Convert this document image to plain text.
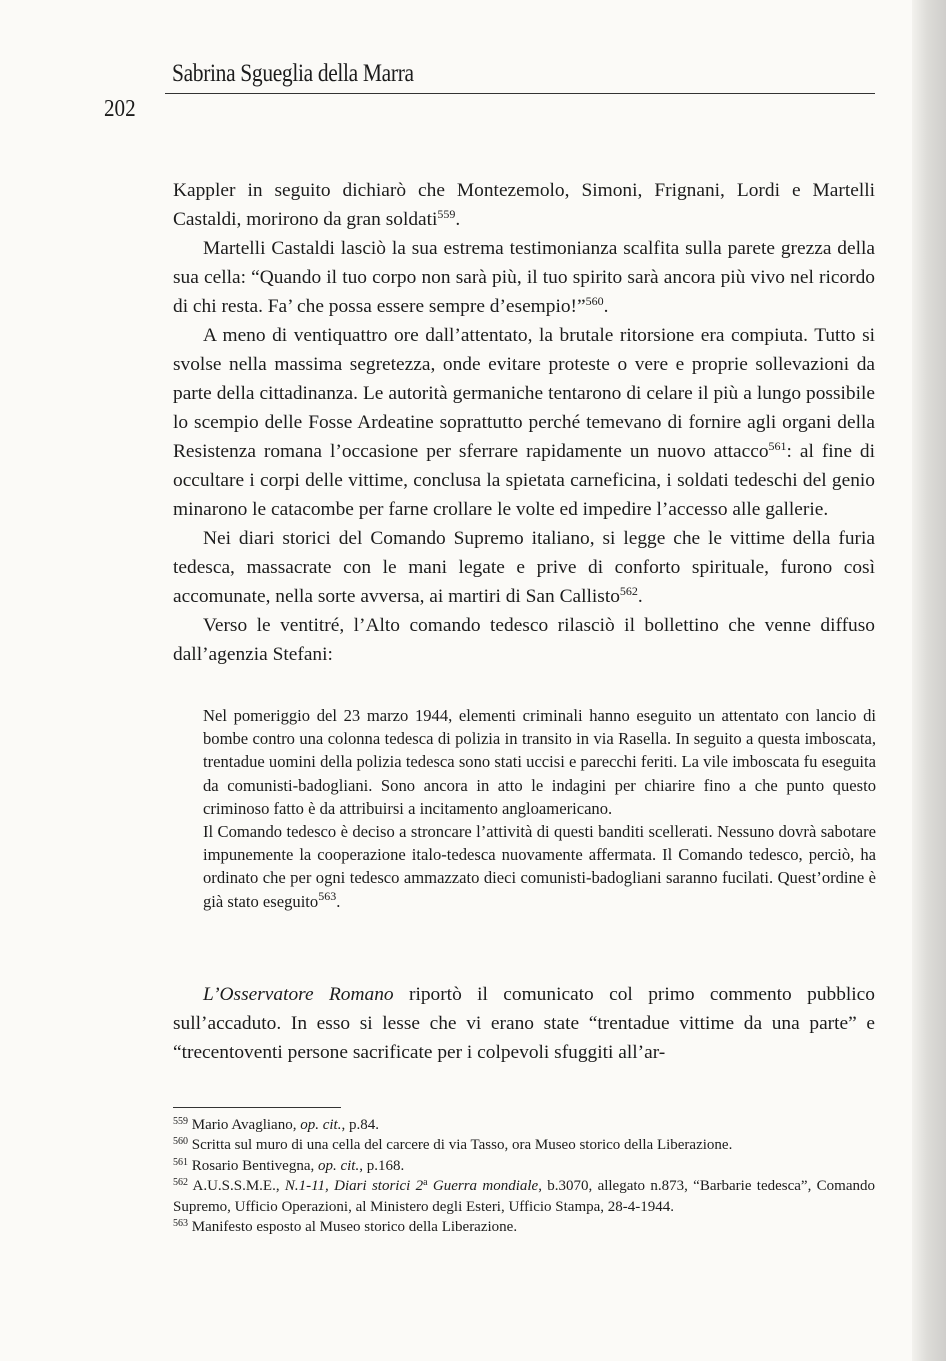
Sabrina Sgueglia della Marra
202

Kappler in seguito dichiarò che Montezemolo, Simoni, Frignani, Lordi e Martelli Castaldi, morirono da gran soldati$^{559}$.

Martelli Castaldi lasciò la sua estrema testimonianza scalfita sulla parete grezza della sua cella: “Quando il tuo corpo non sarà più, il tuo spirito sarà ancora più vivo nel ricordo di chi resta. Fa’ che possa essere sempre d’esempio!”$^{560}$.

A meno di ventiquattro ore dall’attentato, la brutale ritorsione era compiuta. Tutto si svolse nella massima segretezza, onde evitare proteste o vere e proprie sollevazioni da parte della cittadinanza. Le autorità germaniche tentarono di celare il più a lungo possibile lo scempio delle Fosse Ardeatine soprattutto perché temevano di fornire agli organi della Resistenza romana l’occasione per sferrare rapidamente un nuovo attacco$^{561}$: al fine di occultare i corpi delle vittime, conclusa la spietata carneficina, i soldati tedeschi del genio minarono le catacombe per farne crollare le volte ed impedire l’accesso alle gallerie.

Nei diari storici del Comando Supremo italiano, si legge che le vittime della furia tedesca, massacrate con le mani legate e prive di conforto spirituale, furono così accomunate, nella sorte avversa, ai martiri di San Callisto$^{562}$.

Verso le ventitré, l’Alto comando tedesco rilasciò il bollettino che venne diffuso dall’agenzia Stefani:

Nel pomeriggio del 23 marzo 1944, elementi criminali hanno eseguito un attentato con lancio di bombe contro una colonna tedesca di polizia in transito in via Rasella. In seguito a questa imboscata, trentadue uomini della polizia tedesca sono stati uccisi e parecchi feriti. La vile imboscata fu eseguita da comunisti-badogliani. Sono ancora in atto le indagini per chiarire fino a che punto questo criminoso fatto è da attribuirsi a incitamento angloamericano.

Il Comando tedesco è deciso a stroncare l’attività di questi banditi scellerati. Nessuno dovrà sabotare impunemente la cooperazione italo-tedesca nuovamente affermata. Il Comando tedesco, perciò, ha ordinato che per ogni tedesco ammazzato dieci comunisti-badogliani saranno fucilati. Quest’ordine è già stato eseguito$^{563}$.

L’Osservatore Romano riportò il comunicato col primo commento pubblico sull’accaduto. In esso si lesse che vi erano state “trentadue vittime da una parte” e “trecentoventi persone sacrificate per i colpevoli sfuggiti all’ar-

$^{559}$ Mario Avagliano, op. cit., p.84.

$^{560}$ Scritta sul muro di una cella del carcere di via Tasso, ora Museo storico della Liberazione.

$^{561}$ Rosario Bentivegna, op. cit., p.168.

$^{562}$ A.U.S.S.M.E., N.1-11, Diari storici 2$^a$ Guerra mondiale, b.3070, allegato n.873, “Barbarie tedesca”, Comando Supremo, Ufficio Operazioni, al Ministero degli Esteri, Ufficio Stampa, 28-4-1944.

$^{563}$ Manifesto esposto al Museo storico della Liberazione.
